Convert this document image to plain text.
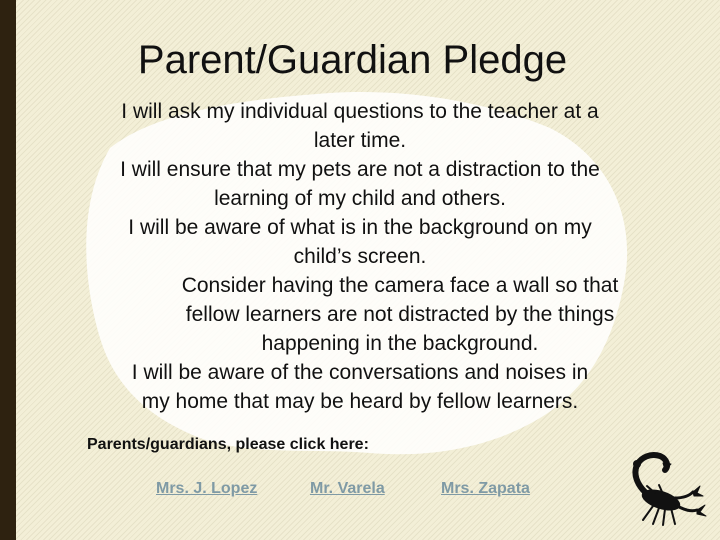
Parent/Guardian Pledge

I will ask my individual questions to the teacher at a

later time.

I will ensure that my pets are not a distraction to the

learning of my child and others.

I will be aware of what is in the background on my

child’s screen.

Consider having the camera face a wall so that

fellow learners are not distracted by the things

happening in the background.

I will be aware of the conversations and noises in

my home that may be heard by fellow learners.

Parents/guardians, please click here:
Mrs. J. Lopez	Mr. Varela	Mrs. Zapata
